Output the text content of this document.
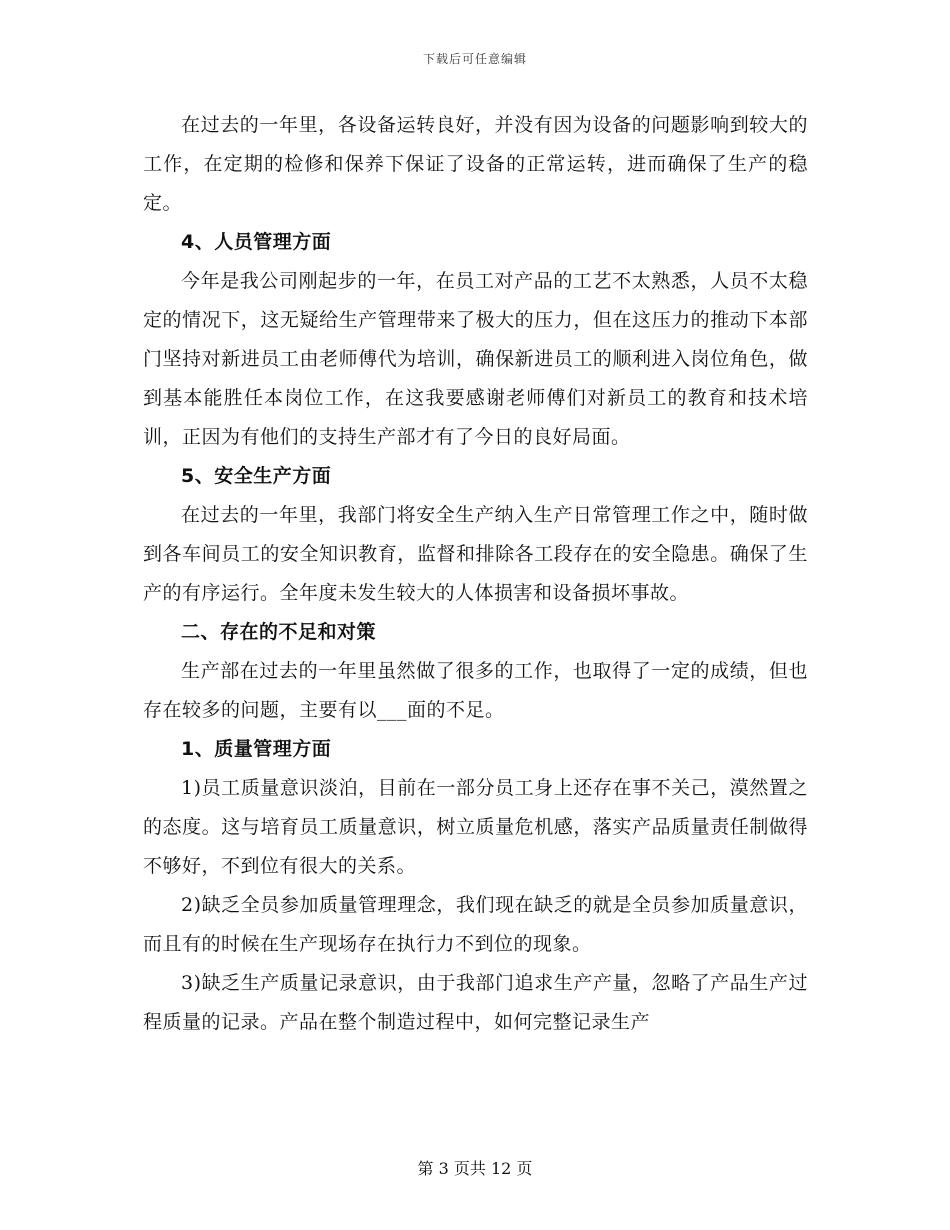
下载后可任意编辑

在过去的一年里，各设备运转良好，并没有因为设备的问题影响到较大的工作，在定期的检修和保养下保证了设备的正常运转，进而确保了生产的稳定。

4、人员管理方面

今年是我公司刚起步的一年，在员工对产品的工艺不太熟悉，人员不太稳定的情况下，这无疑给生产管理带来了极大的压力，但在这压力的推动下本部门坚持对新进员工由老师傅代为培训，确保新进员工的顺利进入岗位角色，做到基本能胜任本岗位工作，在这我要感谢老师傅们对新员工的教育和技术培训，正因为有他们的支持生产部才有了今日的良好局面。

5、安全生产方面

在过去的一年里，我部门将安全生产纳入生产日常管理工作之中，随时做到各车间员工的安全知识教育，监督和排除各工段存在的安全隐患。确保了生产的有序运行。全年度未发生较大的人体损害和设备损坏事故。

二、存在的不足和对策

生产部在过去的一年里虽然做了很多的工作，也取得了一定的成绩，但也存在较多的问题，主要有以___面的不足。

1、质量管理方面

1)员工质量意识淡泊，目前在一部分员工身上还存在事不关己，漠然置之的态度。这与培育员工质量意识，树立质量危机感，落实产品质量责任制做得不够好，不到位有很大的关系。

2)缺乏全员参加质量管理理念，我们现在缺乏的就是全员参加质量意识，而且有的时候在生产现场存在执行力不到位的现象。

3)缺乏生产质量记录意识，由于我部门追求生产产量，忽略了产品生产过程质量的记录。产品在整个制造过程中，如何完整记录生产

第 3 页共 12 页
